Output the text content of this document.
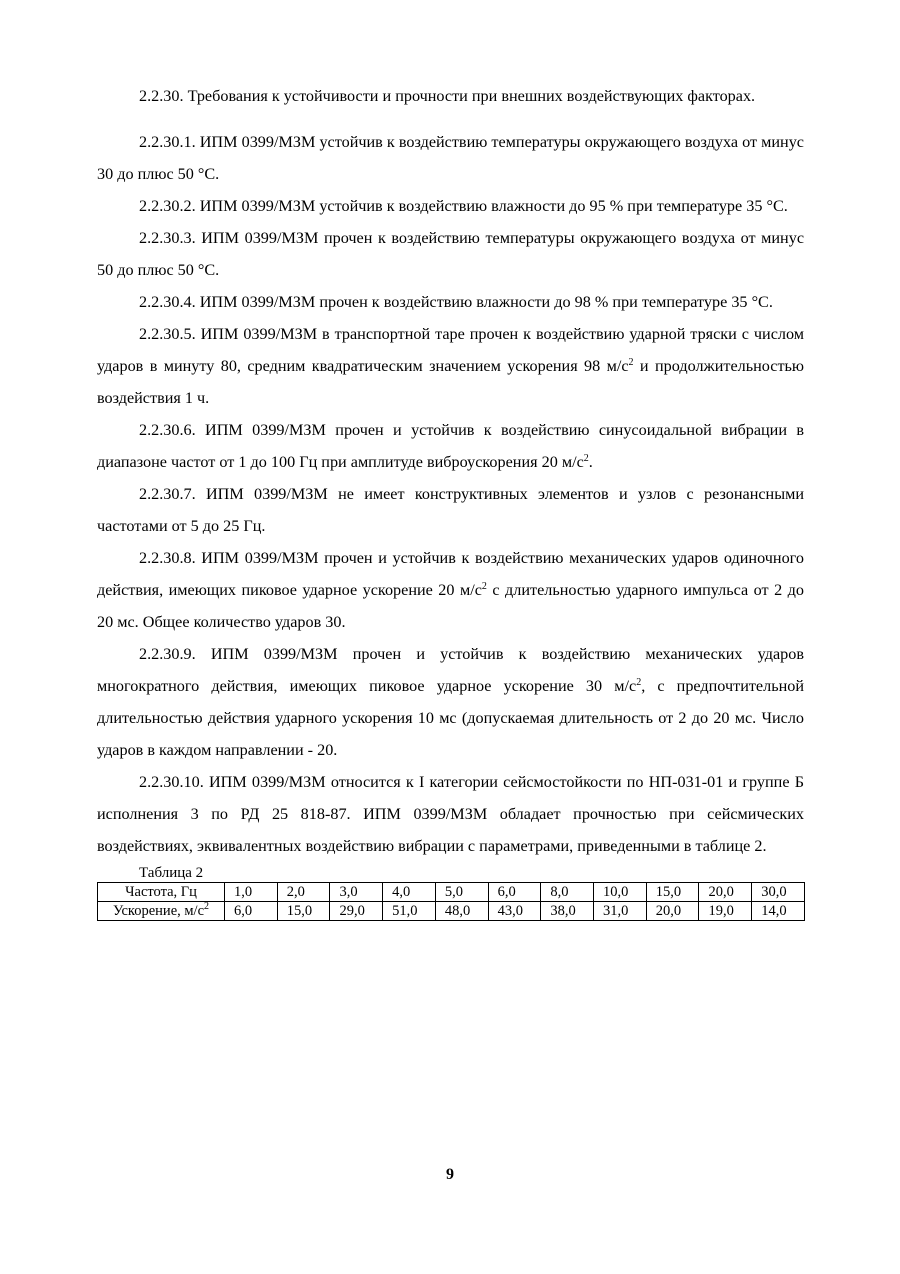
2.2.30. Требования к устойчивости и прочности при внешних воздействующих факторах.

2.2.30.1. ИПМ 0399/МЗМ устойчив к воздействию температуры окружающего воздуха от минус 30 до плюс 50 °С.

2.2.30.2. ИПМ 0399/МЗМ устойчив к воздействию влажности до 95 % при температуре 35 °С.

2.2.30.3. ИПМ 0399/МЗМ прочен к воздействию температуры окружающего воздуха от минус 50 до плюс 50 °С.

2.2.30.4. ИПМ 0399/МЗМ прочен к воздействию влажности до 98 % при температуре 35 °С.

2.2.30.5. ИПМ 0399/МЗМ в транспортной таре прочен к воздействию ударной тряски с числом ударов в минуту 80, средним квадратическим значением ускорения 98 $м/с^2$ и продолжительностью воздействия 1 ч.

2.2.30.6. ИПМ 0399/МЗМ прочен и устойчив к воздействию синусоидальной вибрации в диапазоне частот от 1 до 100 Гц при амплитуде виброускорения 20 $м/с^2$.

2.2.30.7. ИПМ 0399/МЗМ не имеет конструктивных элементов и узлов с резонансными частотами от 5 до 25 Гц.

2.2.30.8. ИПМ 0399/МЗМ прочен и устойчив к воздействию механических ударов одиночного действия, имеющих пиковое ударное ускорение 20 $м/с^2$ с длительностью ударного импульса от 2 до 20 мс. Общее количество ударов 30.

2.2.30.9. ИПМ 0399/МЗМ прочен и устойчив к воздействию механических ударов многократного действия, имеющих пиковое ударное ускорение 30 $м/с^2$, с предпочтительной длительностью действия ударного ускорения 10 мс (допускаемая длительность от 2 до 20 мс. Число ударов в каждом направлении - 20.

2.2.30.10. ИПМ 0399/МЗМ относится к I категории сейсмостойкости по НП-031-01 и группе Б исполнения 3 по РД 25 818-87. ИПМ 0399/МЗМ обладает прочностью при сейсмических воздействиях, эквивалентных воздействию вибрации с параметрами, приведенными в таблице 2.

Таблица 2
Частота, Гц	1,0	2,0	3,0	4,0	5,0	6,0	8,0	10,0	15,0	20,0	30,0
Ускорение, $м/с^2$	6,0	15,0	29,0	51,0	48,0	43,0	38,0	31,0	20,0	19,0	14,0
9
